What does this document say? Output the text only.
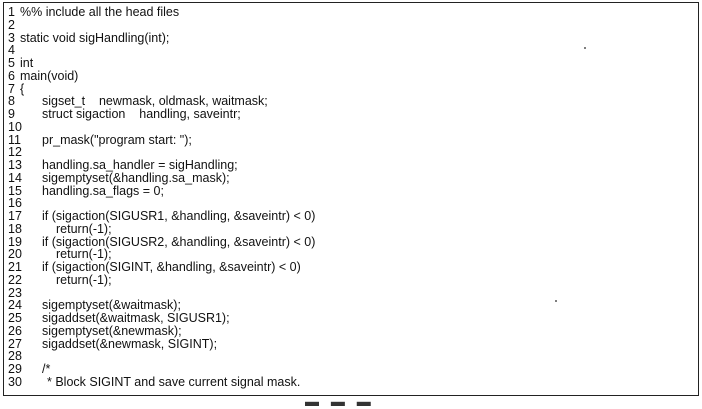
1 %% include all the head files
2
3 static void sigHandling(int);
4
5 int
6 main(void)
7 {
8	sigset_t    newmask, oldmask, waitmask;
9	struct sigaction    handling, saveintr;
10
11 pr_mask("program start: ");
12
13 handling.sa_handler = sigHandling;
14 sigemptyset(&handling.sa_mask);
15 handling.sa_flags = 0;
16
17 if (sigaction(SIGUSR1, &handling, &saveintr) < 0)
18	return(-1);
19 if (sigaction(SIGUSR2, &handling, &saveintr) < 0)
20	return(-1);
21 if (sigaction(SIGINT, &handling, &saveintr) < 0)
22	return(-1);
23
24 sigemptyset(&waitmask);
25 sigaddset(&waitmask, SIGUSR1);
26 sigemptyset(&newmask);
27 sigaddset(&newmask, SIGINT);
28
29 /*
30 * Block SIGINT and save current signal mask.
▬ ▬ ▬
